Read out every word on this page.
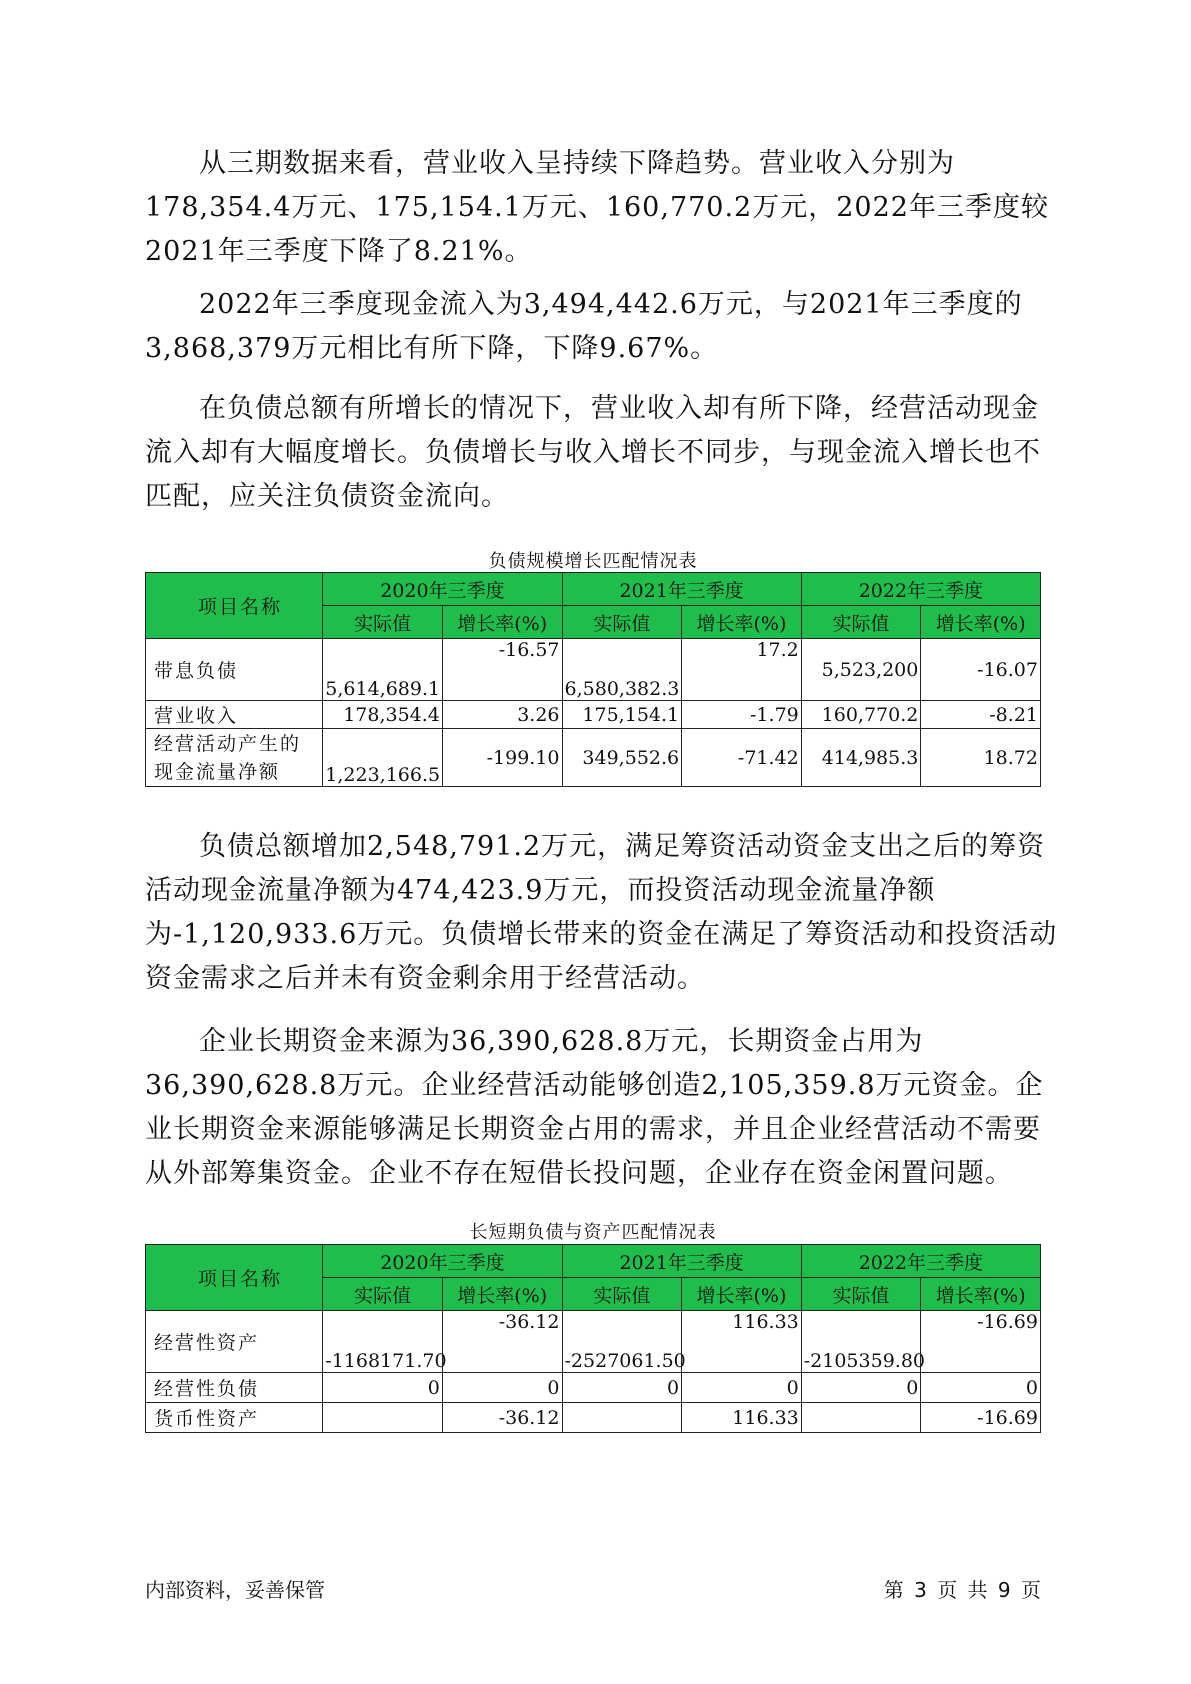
从三期数据来看，营业收入呈持续下降趋势。营业收入分别为178,354.4万元、175,154.1万元、160,770.2万元，2022年三季度较2021年三季度下降了8.21%。

2022年三季度现金流入为3,494,442.6万元，与2021年三季度的3,868,379万元相比有所下降，下降9.67%。

在负债总额有所增长的情况下，营业收入却有所下降，经营活动现金流入却有大幅度增长。负债增长与收入增长不同步，与现金流入增长也不匹配，应关注负债资金流向。

负债规模增长匹配情况表
项目名称	2020年三季度		2021年三季度		2022年三季度	
	实际值	增长率(%)	实际值	增长率(%)	实际值	增长率(%)
带息负债	5,614,689.1	-16.57	6,580,382.3	17.2	5,523,200	-16.07
营业收入	178,354.4	3.26	175,154.1	-1.79	160,770.2	-8.21
经营活动产生的现金流量净额	1,223,166.5	-199.10	349,552.6	-71.42	414,985.3	18.72

负债总额增加2,548,791.2万元，满足筹资活动资金支出之后的筹资活动现金流量净额为474,423.9万元，而投资活动现金流量净额为-1,120,933.6万元。负债增长带来的资金在满足了筹资活动和投资活动资金需求之后并未有资金剩余用于经营活动。

企业长期资金来源为36,390,628.8万元，长期资金占用为36,390,628.8万元。企业经营活动能够创造2,105,359.8万元资金。企业长期资金来源能够满足长期资金占用的需求，并且企业经营活动不需要从外部筹集资金。企业不存在短借长投问题，企业存在资金闲置问题。

长短期负债与资产匹配情况表
项目名称	2020年三季度		2021年三季度		2022年三季度	
	实际值	增长率(%)	实际值	增长率(%)	实际值	增长率(%)
经营性资产	-1168171.70	-36.12	-2527061.50	116.33	-2105359.80	-16.69
经营性负债	0	0	0	0	0	0
货币性资产		-36.12		116.33		-16.69
内部资料，妥善保管	第 3 页 共 9 页
